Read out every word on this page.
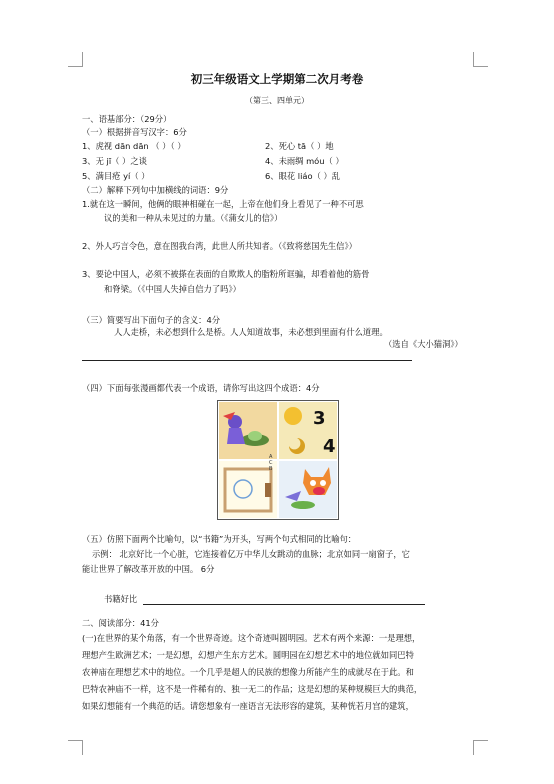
初三年级语文上学期第二次月考卷
（第三、四单元）
一、语基部分：（29分）
（一）根据拼音写汉字：6分
1、虎视 dān dān （ ）（ ）	2、死心 tā（ ）地
3、无 jī（ ）之谈	4、未雨绸 móu（ ）
5、满目疮 yí（ ）	6、眼花 liáo（ ）乱
（二）解释下列句中加横线的词语：9分
1.就在这一瞬间，他俩的眼神相碰在一起，上帝在他们身上看见了一种不可思
议的美和一种从未见过的力量。（《蒲女儿的信》）
2、外人巧言令色，意在图我台湾，此世人所共知者。（《致将慈国先生信》）
3、要论中国人，必须不被搽在表面的自欺欺人的脂粉所诓骗，却看着他的筋骨
和脊梁。（《中国人失掉自信力了吗》）
（三）简要写出下面句子的含义：4分
人人走桥，未必想到什么是桥。人人知道故事，未必想到里面有什么道理。
（选自《大小猫洞》）
（四）下面每张漫画都代表一个成语，请你写出这四个成语：4分
3
4
A
C
B
（五）仿照下面两个比喻句，以“书籍”为开头，写两个句式相同的比喻句：
示例： 北京好比一个心脏，它连接着亿万中华儿女跳动的血脉；北京如同一扇窗子，它
能让世界了解改革开放的中国。 6分
书籍好比
二、阅读部分：41分
(一)在世界的某个角落，有一个世界奇迹。这个奇迹叫圆明园。艺术有两个来源：一是理想，
理想产生欧洲艺术；一是幻想，幻想产生东方艺术。圆明园在幻想艺术中的地位就如同巴特
农神庙在理想艺术中的地位。一个几乎是超人的民族的想像力所能产生的成就尽在于此。和
巴特农神庙不一样，这不是一件稀有的、独一无二的作品；这是幻想的某种规模巨大的典范，
如果幻想能有一个典范的话。请您想象有一座语言无法形容的建筑，某种恍若月宫的建筑，
